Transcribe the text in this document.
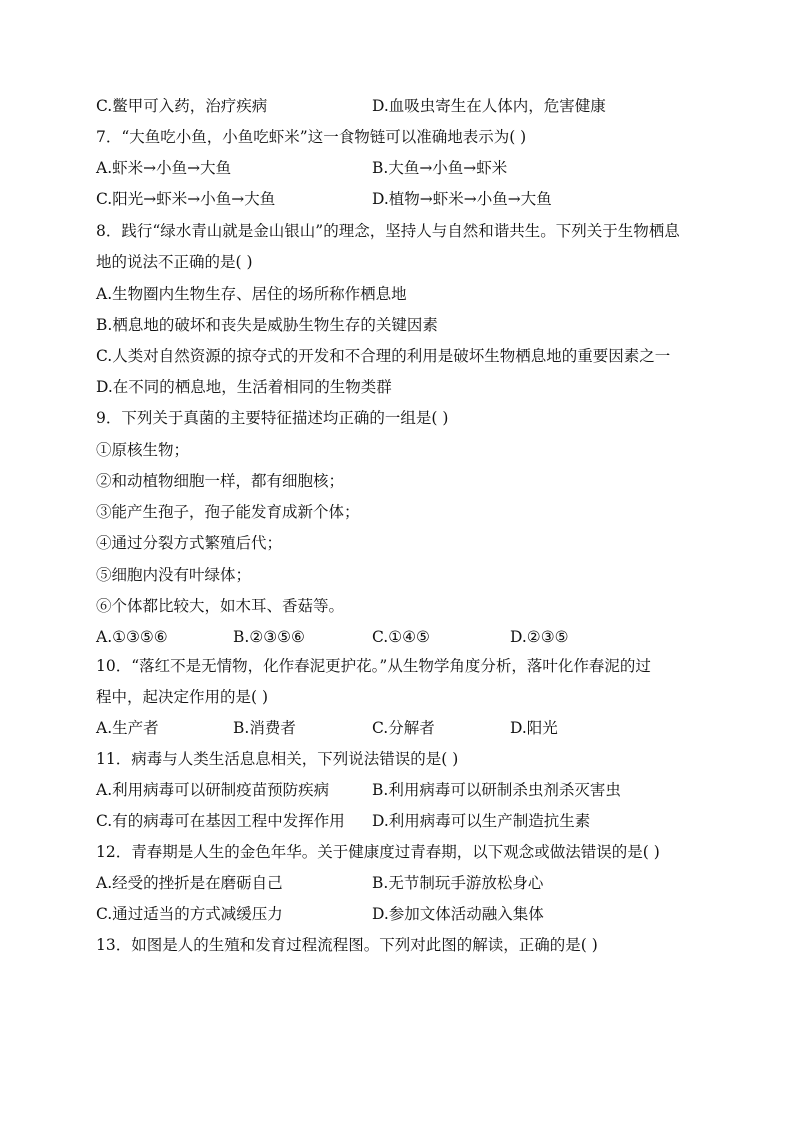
C.鳖甲可入药，治疗疾病	D.血吸虫寄生在人体内，危害健康
7．“大鱼吃小鱼，小鱼吃虾米”这一食物链可以准确地表示为( )
A.虾米→小鱼→大鱼	B.大鱼→小鱼→虾米
C.阳光→虾米→小鱼→大鱼	D.植物→虾米→小鱼→大鱼
8．践行“绿水青山就是金山银山”的理念，坚持人与自然和谐共生。下列关于生物栖息
地的说法不正确的是( )
A.生物圈内生物生存、居住的场所称作栖息地
B.栖息地的破坏和丧失是威胁生物生存的关键因素
C.人类对自然资源的掠夺式的开发和不合理的利用是破坏生物栖息地的重要因素之一
D.在不同的栖息地，生活着相同的生物类群
9．下列关于真菌的主要特征描述均正确的一组是( )
①原核生物；
②和动植物细胞一样，都有细胞核；
③能产生孢子，孢子能发育成新个体；
④通过分裂方式繁殖后代；
⑤细胞内没有叶绿体；
⑥个体都比较大，如木耳、香菇等。
A.①③⑤⑥	B.②③⑤⑥	C.①④⑤	D.②③⑤
10．“落红不是无情物，化作春泥更护花。”从生物学角度分析，落叶化作春泥的过
程中，起决定作用的是( )
A.生产者	B.消费者	C.分解者	D.阳光
11．病毒与人类生活息息相关，下列说法错误的是( )
A.利用病毒可以研制疫苗预防疾病	B.利用病毒可以研制杀虫剂杀灭害虫
C.有的病毒可在基因工程中发挥作用 D.利用病毒可以生产制造抗生素
12．青春期是人生的金色年华。关于健康度过青春期，以下观念或做法错误的是( )
A.经受的挫折是在磨砺自己	B.无节制玩手游放松身心
C.通过适当的方式减缓压力	D.参加文体活动融入集体
13．如图是人的生殖和发育过程流程图。下列对此图的解读，正确的是( )
